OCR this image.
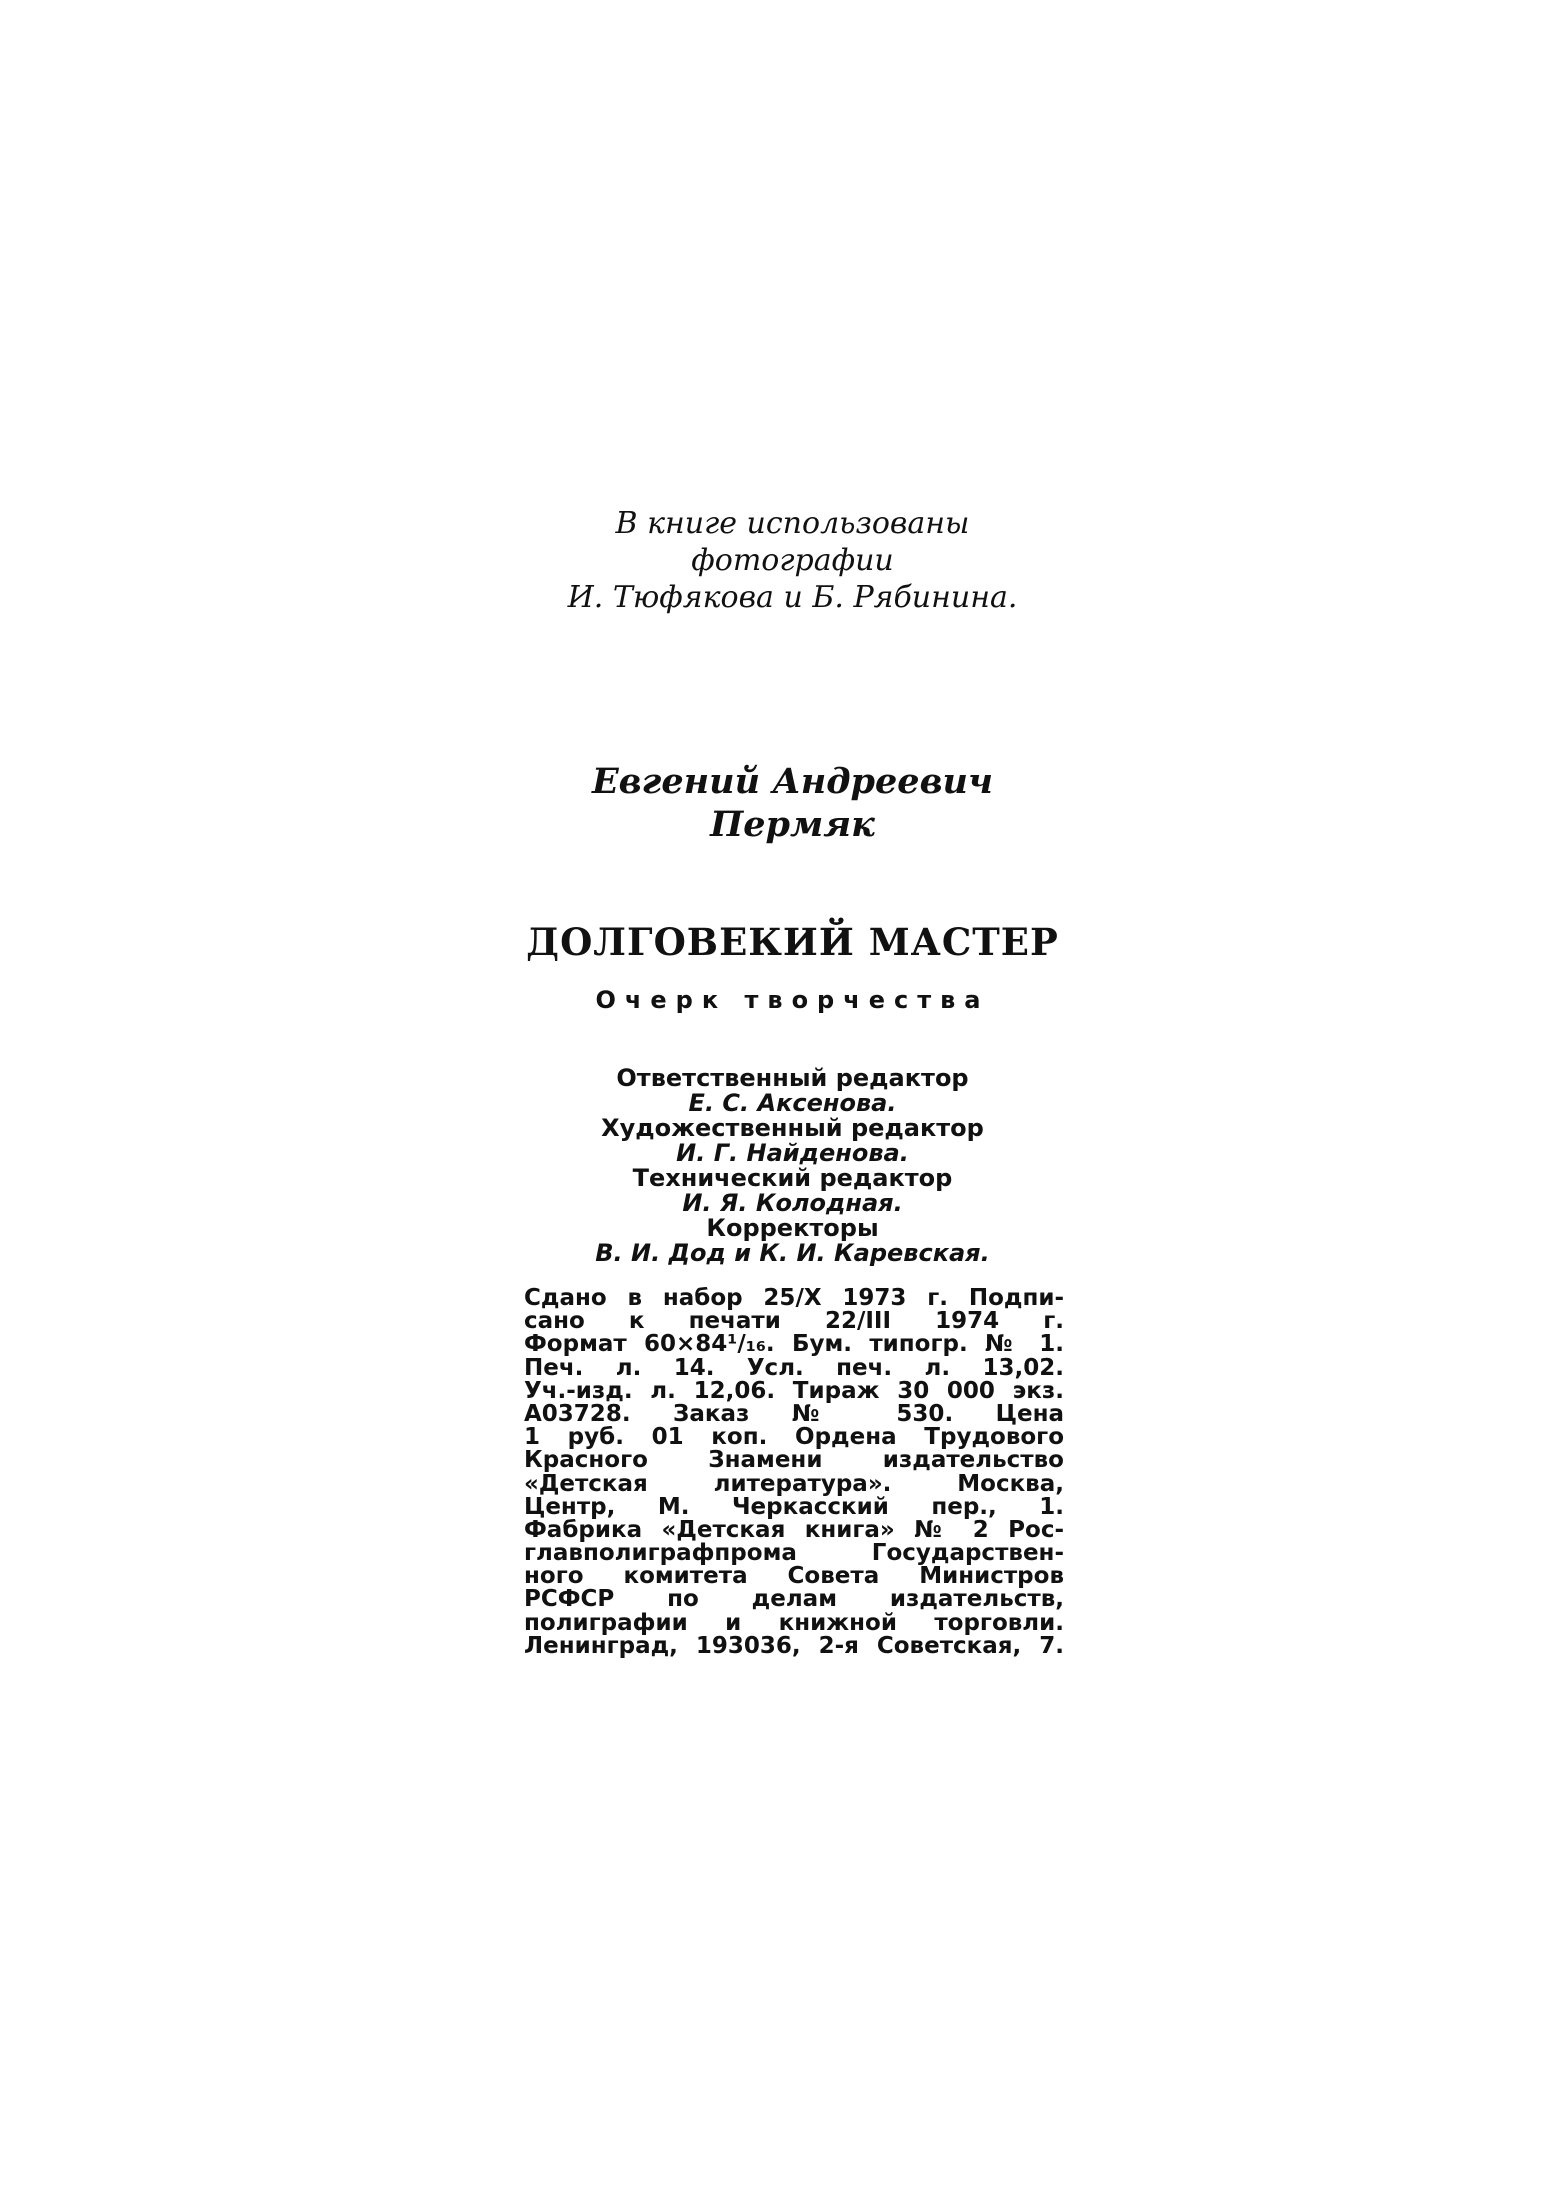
В книге использованы
фотографии
И. Тюфякова и Б. Рябинина.
Евгений Андреевич
Пермяк
ДОЛГОВЕКИЙ МАСТЕР
Очерк творчества
Ответственный редактор
Е. С. Аксенова.
Художественный редактор
И. Г. Найденова.
Технический редактор
И. Я. Колодная.
Корректоры
В. И. Дод и К. И. Каревская.
Сдано в набор 25/X 1973 г. Подпи-
сано к печати 22/III 1974 г.
Формат 60×84¹/₁₆. Бум. типогр. № 1.
Печ. л. 14. Усл. печ. л. 13,02.
Уч.-изд. л. 12,06. Тираж 30 000 экз.
А03728. Заказ № 530. Цена
1 руб. 01 коп. Ордена Трудового
Красного Знамени издательство
«Детская литература». Москва,
Центр, М. Черкасский пер., 1.
Фабрика «Детская книга» № 2 Рос-
главполиграфпрома Государствен-
ного комитета Совета Министров
РСФСР по делам издательств,
полиграфии и книжной торговли.
Ленинград, 193036, 2-я Советская, 7.
